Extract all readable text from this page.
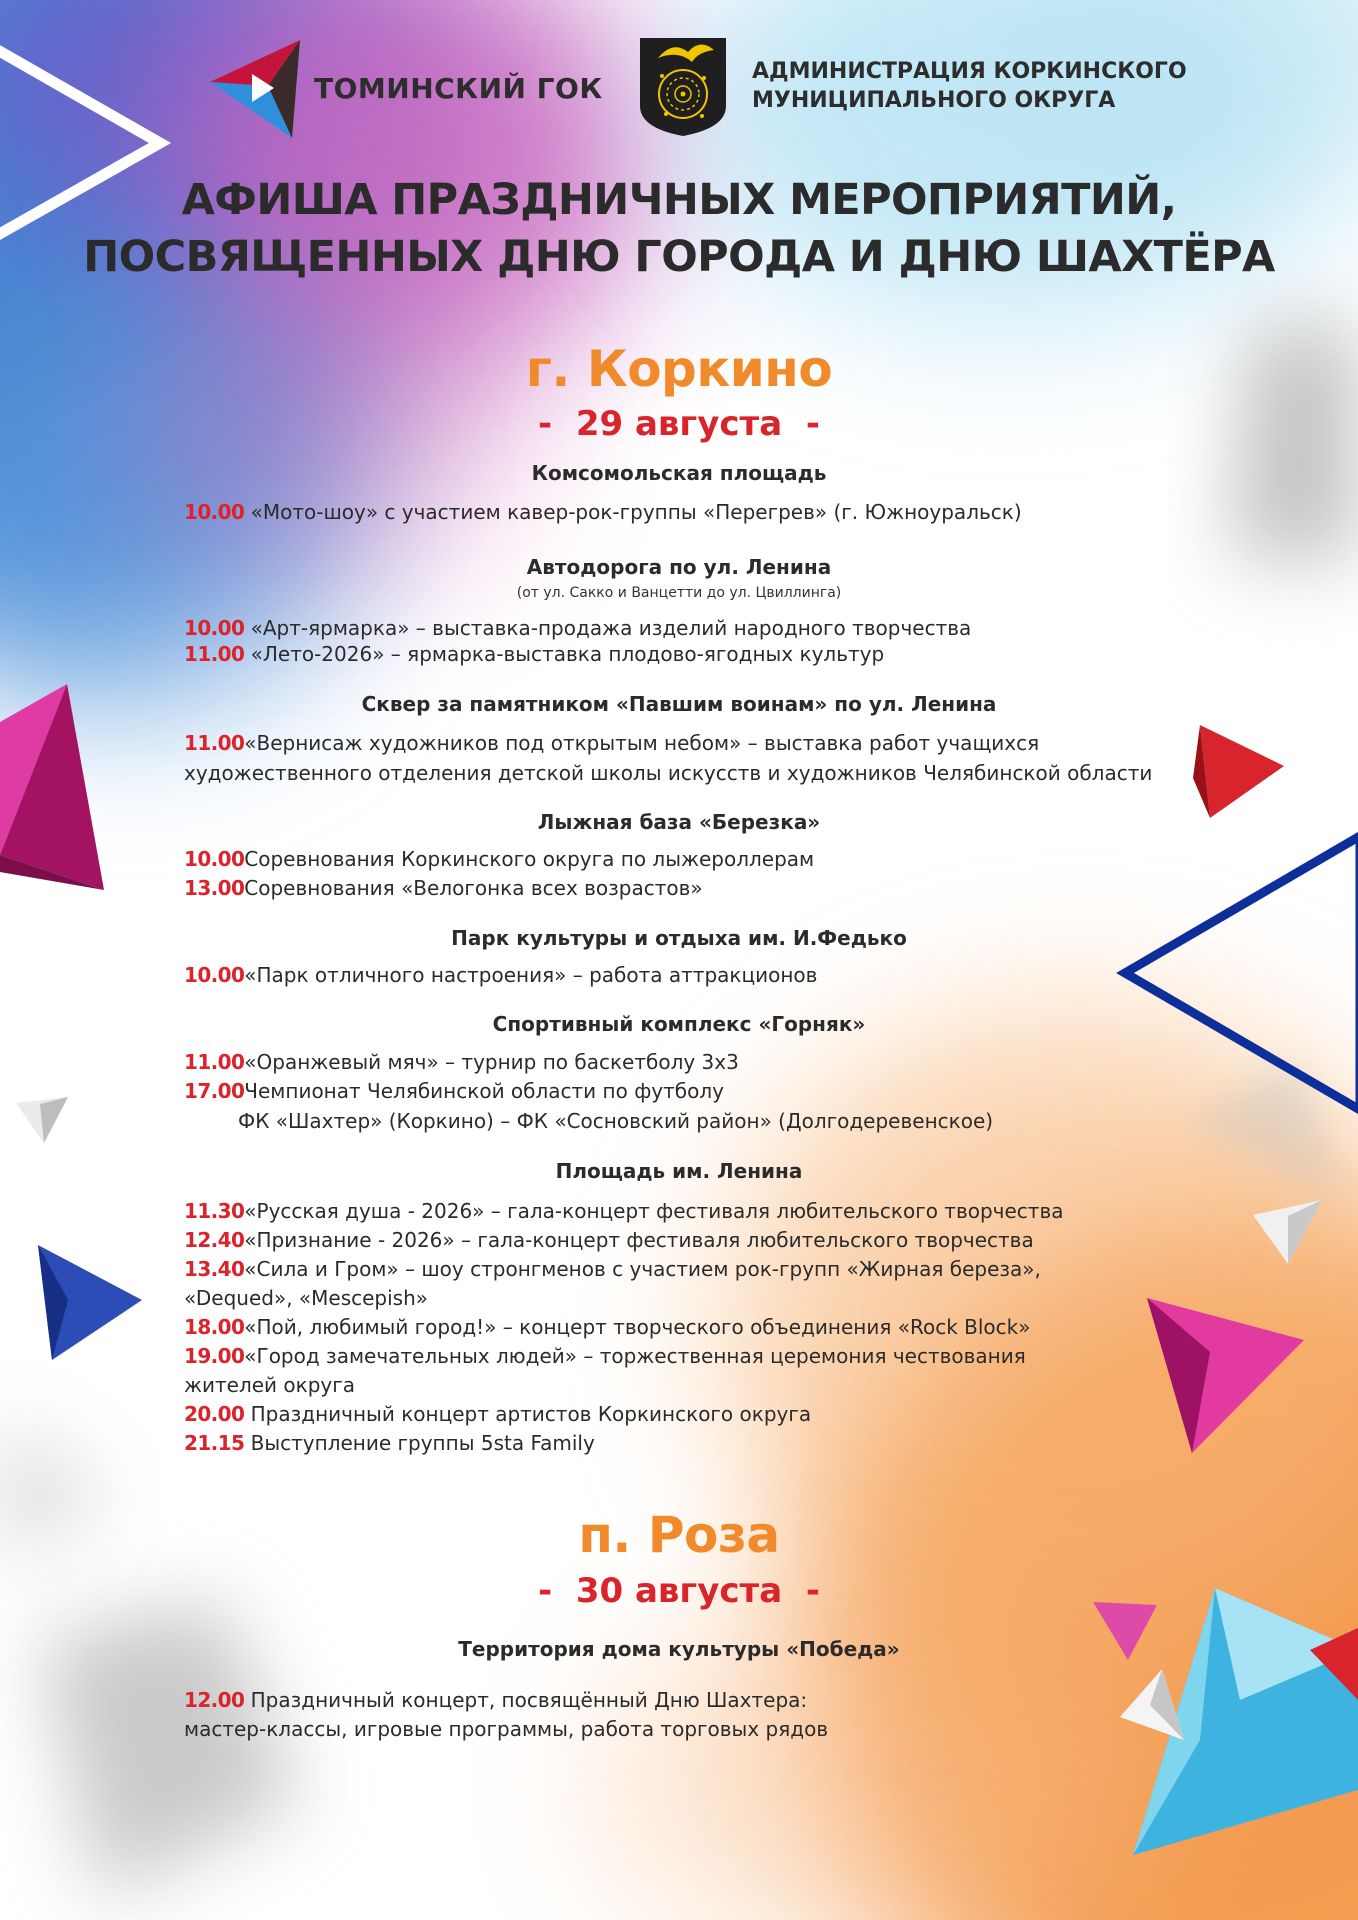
ТОМИНСКИЙ ГОК	АДМИНИСТРАЦИЯ КОРКИНСКОГО
МУНИЦИПАЛЬНОГО ОКРУГА
АФИША ПРАЗДНИЧНЫХ МЕРОПРИЯТИЙ,
ПОСВЯЩЕННЫХ ДНЮ ГОРОДА И ДНЮ ШАХТЁРА
г. Коркино
-  29 августа  -
Комсомольская площадь
10.00 «Мото-шоу» с участием кавер-рок-группы «Перегрев» (г. Южноуральск)
Автодорога по ул. Ленина
(от ул. Сакко и Ванцетти до ул. Цвиллинга)
10.00 «Арт-ярмарка» – выставка-продажа изделий народного творчества
11.00 «Лето-2026» – ярмарка-выставка плодово-ягодных культур
Сквер за памятником «Павшим воинам» по ул. Ленина
11.00«Вернисаж художников под открытым небом» – выставка работ учащихся
художественного отделения детской школы искусств и художников Челябинской области
Лыжная база «Березка»
10.00Соревнования Коркинского округа по лыжероллерам
13.00Соревнования «Велогонка всех возрастов»
Парк культуры и отдыха им. И.Федько
10.00«Парк отличного настроения» – работа аттракционов
Спортивный комплекс «Горняк»
11.00«Оранжевый мяч» – турнир по баскетболу 3х3
17.00Чемпионат Челябинской области по футболу
ФК «Шахтер» (Коркино) – ФК «Сосновский район» (Долгодеревенское)
Площадь им. Ленина
11.30«Русская душа - 2026» – гала-концерт фестиваля любительского творчества
12.40«Признание - 2026» – гала-концерт фестиваля любительского творчества
13.40«Сила и Гром» – шоу стронгменов с участием рок-групп «Жирная береза»,
«Dequed», «Mescepish»
18.00«Пой, любимый город!» – концерт творческого объединения «Rock Block»
19.00«Город замечательных людей» – торжественная церемония чествования
жителей округа
20.00 Праздничный концерт артистов Коркинского округа
21.15 Выступление группы 5sta Family
п. Роза
-  30 августа  -
Территория дома культуры «Победа»
12.00 Праздничный концерт, посвящённый Дню Шахтера:
мастер-классы, игровые программы, работа торговых рядов
